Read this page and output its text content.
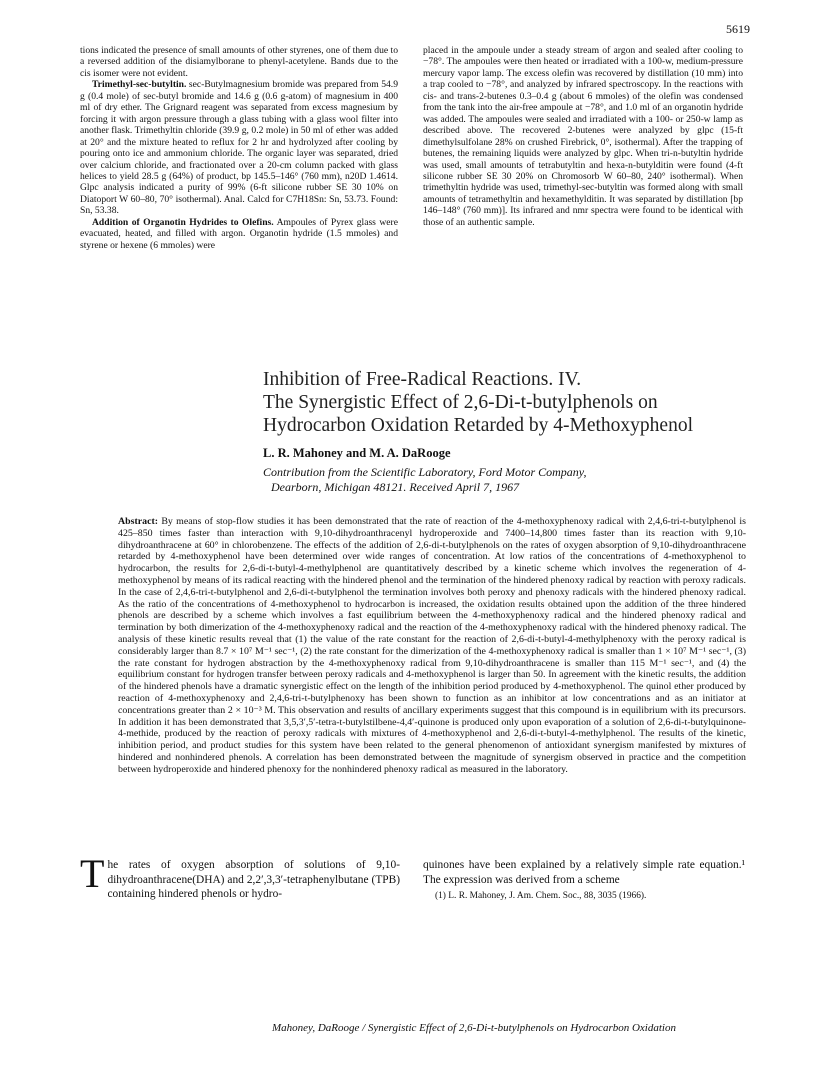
5619

tions indicated the presence of small amounts of other styrenes, one of them due to a reversed addition of the disiamylborane to phenyl-acetylene. Bands due to the cis isomer were not evident.

Trimethyl-sec-butyltin. sec-Butylmagnesium bromide was prepared from 54.9 g (0.4 mole) of sec-butyl bromide and 14.6 g (0.6 g-atom) of magnesium in 400 ml of dry ether. The Grignard reagent was separated from excess magnesium by forcing it with argon pressure through a glass tubing with a glass wool filter into another flask. Trimethyltin chloride (39.9 g, 0.2 mole) in 50 ml of ether was added at 20° and the mixture heated to reflux for 2 hr and hydrolyzed after cooling by pouring onto ice and ammonium chloride. The organic layer was separated, dried over calcium chloride, and fractionated over a 20-cm column packed with glass helices to yield 28.5 g (64%) of product, bp 145.5–146° (760 mm), n20D 1.4614. Glpc analysis indicated a purity of 99% (6-ft silicone rubber SE 30 10% on Diatoport W 60–80, 70° isothermal). Anal. Calcd for C7H18Sn: Sn, 53.73. Found: Sn, 53.38.

Addition of Organotin Hydrides to Olefins. Ampoules of Pyrex glass were evacuated, heated, and filled with argon. Organotin hydride (1.5 mmoles) and styrene or hexene (6 mmoles) were

placed in the ampoule under a steady stream of argon and sealed after cooling to −78°. The ampoules were then heated or irradiated with a 100-w, medium-pressure mercury vapor lamp. The excess olefin was recovered by distillation (10 mm) into a trap cooled to −78°, and analyzed by infrared spectroscopy. In the reactions with cis- and trans-2-butenes 0.3–0.4 g (about 6 mmoles) of the olefin was condensed from the tank into the air-free ampoule at −78°, and 1.0 ml of an organotin hydride was added. The ampoules were sealed and irradiated with a 100- or 250-w lamp as described above. The recovered 2-butenes were analyzed by glpc (15-ft dimethylsulfolane 28% on crushed Firebrick, 0°, isothermal). After the trapping of butenes, the remaining liquids were analyzed by glpc. When tri-n-butyltin hydride was used, small amounts of tetrabutyltin and hexa-n-butylditin were found (4-ft silicone rubber SE 30 20% on Chromosorb W 60–80, 240° isothermal). When trimethyltin hydride was used, trimethyl-sec-butyltin was formed along with small amounts of tetramethyltin and hexamethylditin. It was separated by distillation [bp 146–148° (760 mm)]. Its infrared and nmr spectra were found to be identical with those of an authentic sample.

Inhibition of Free-Radical Reactions. IV.
The Synergistic Effect of 2,6-Di-t-butylphenols on
Hydrocarbon Oxidation Retarded by 4-Methoxyphenol
L. R. Mahoney and M. A. DaRooge
Contribution from the Scientific Laboratory, Ford Motor Company,
Dearborn, Michigan 48121. Received April 7, 1967
Abstract: By means of stop-flow studies it has been demonstrated that the rate of reaction of the 4-methoxyphenoxy radical with 2,4,6-tri-t-butylphenol is 425–850 times faster than interaction with 9,10-dihydroanthracenyl hydroperoxide and 7400–14,800 times faster than its reaction with 9,10-dihydroanthracene at 60° in chlorobenzene. The effects of the addition of 2,6-di-t-butylphenols on the rates of oxygen absorption of 9,10-dihydroanthracene retarded by 4-methoxyphenol have been determined over wide ranges of concentration. At low ratios of the concentrations of 4-methoxyphenol to hydrocarbon, the results for 2,6-di-t-butyl-4-methylphenol are quantitatively described by a kinetic scheme which involves the regeneration of 4-methoxyphenol by means of its radical reacting with the hindered phenol and the termination of the hindered phenoxy radical by reaction with peroxy radicals. In the case of 2,4,6-tri-t-butylphenol and 2,6-di-t-butylphenol the termination involves both peroxy and phenoxy radicals with the hindered phenoxy radical. As the ratio of the concentrations of 4-methoxyphenol to hydrocarbon is increased, the oxidation results obtained upon the addition of the three hindered phenols are described by a scheme which involves a fast equilibrium between the 4-methoxyphenoxy radical and the hindered phenoxy radical and termination by both dimerization of the 4-methoxyphenoxy radical and the reaction of the 4-methoxyphenoxy radical with the hindered phenoxy radical. The analysis of these kinetic results reveal that (1) the value of the rate constant for the reaction of 2,6-di-t-butyl-4-methylphenoxy with the peroxy radical is considerably larger than 8.7 × 10⁷ M⁻¹ sec⁻¹, (2) the rate constant for the dimerization of the 4-methoxyphenoxy radical is smaller than 1 × 10⁷ M⁻¹ sec⁻¹, (3) the rate constant for hydrogen abstraction by the 4-methoxyphenoxy radical from 9,10-dihydroanthracene is smaller than 115 M⁻¹ sec⁻¹, and (4) the equilibrium constant for hydrogen transfer between peroxy radicals and 4-methoxyphenol is larger than 50. In agreement with the kinetic results, the addition of the hindered phenols have a dramatic synergistic effect on the length of the inhibition period produced by 4-methoxyphenol. The quinol ether produced by reaction of 4-methoxyphenoxy and 2,4,6-tri-t-butylphenoxy has been shown to function as an inhibitor at low concentrations and as an initiator at concentrations greater than 2 × 10⁻³ M. This observation and results of ancillary experiments suggest that this compound is in equilibrium with its precursors. In addition it has been demonstrated that 3,5,3′,5′-tetra-t-butylstilbene-4,4′-quinone is produced only upon evaporation of a solution of 2,6-di-t-butylquinone-4-methide, produced by the reaction of peroxy radicals with mixtures of 4-methoxyphenol and 2,6-di-t-butyl-4-methylphenol. The results of the kinetic, inhibition period, and product studies for this system have been related to the general phenomenon of antioxidant synergism manifested by mixtures of hindered and nonhindered phenols. A correlation has been demonstrated between the magnitude of synergism observed in practice and the competition between hydroperoxide and hindered phenoxy for the nonhindered phenoxy radical as measured in the laboratory.
The rates of oxygen absorption of solutions of 9,10-dihydroanthracene(DHA) and 2,2′,3,3′-tetraphenylbutane (TPB) containing hindered phenols or hydro-
quinones have been explained by a relatively simple rate equation.¹ The expression was derived from a scheme
(1) L. R. Mahoney, J. Am. Chem. Soc., 88, 3035 (1966).
Mahoney, DaRooge / Synergistic Effect of 2,6-Di-t-butylphenols on Hydrocarbon Oxidation
